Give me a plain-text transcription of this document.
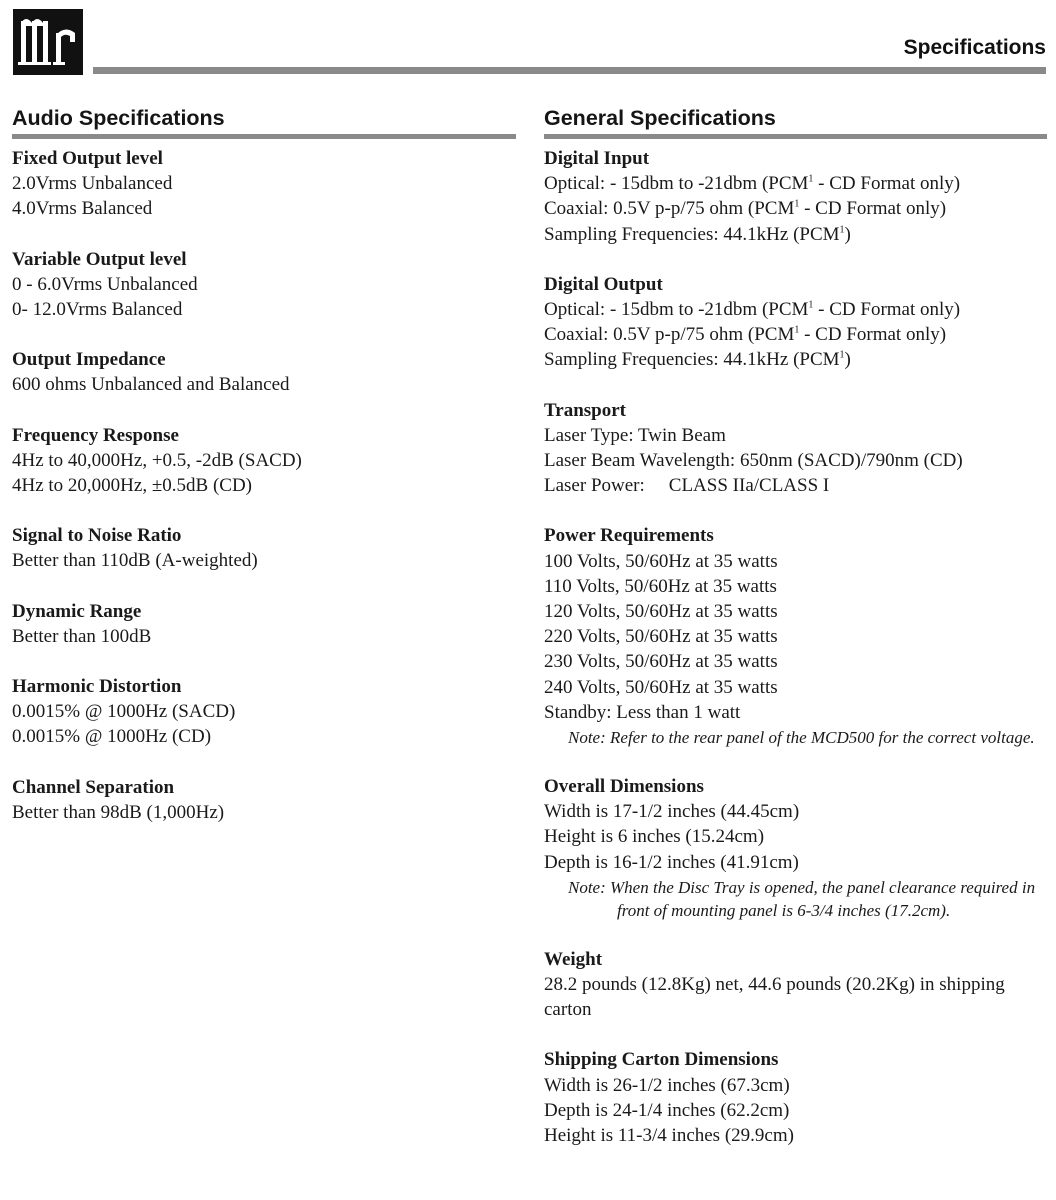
Specifications
Audio Specifications
Fixed Output level
2.0Vrms Unbalanced
4.0Vrms Balanced
Variable Output level
0 - 6.0Vrms Unbalanced
0- 12.0Vrms Balanced
Output Impedance
600 ohms Unbalanced and Balanced
Frequency Response
4Hz to 40,000Hz, +0.5, -2dB (SACD)
4Hz to 20,000Hz, ±0.5dB (CD)
Signal to Noise Ratio
Better than 110dB (A-weighted)
Dynamic Range
Better than 100dB
Harmonic Distortion
0.0015% @ 1000Hz (SACD)
0.0015% @ 1000Hz (CD)
Channel Separation
Better than 98dB (1,000Hz)
General Specifications
Digital Input
Optical: - 15dbm to -21dbm (PCM$^1$ - CD Format only)
Coaxial: 0.5V p-p/75 ohm (PCM$^1$ - CD Format only)
Sampling Frequencies: 44.1kHz (PCM$^1$)
Digital Output
Optical: - 15dbm to -21dbm (PCM$^1$ - CD Format only)
Coaxial: 0.5V p-p/75 ohm (PCM$^1$ - CD Format only)
Sampling Frequencies: 44.1kHz (PCM$^1$)
Transport
Laser Type: Twin Beam
Laser Beam Wavelength: 650nm (SACD)/790nm (CD)
Laser Power: CLASS IIa/CLASS I
Power Requirements
100 Volts, 50/60Hz at 35 watts
110 Volts, 50/60Hz at 35 watts
120 Volts, 50/60Hz at 35 watts
220 Volts, 50/60Hz at 35 watts
230 Volts, 50/60Hz at 35 watts
240 Volts, 50/60Hz at 35 watts
Standby: Less than 1 watt
Note: Refer to the rear panel of the MCD500 for the correct voltage.
Overall Dimensions
Width is 17-1/2 inches (44.45cm)
Height is 6 inches (15.24cm)
Depth is 16-1/2 inches (41.91cm)
Note: When the Disc Tray is opened, the panel clearance required in front of mounting panel is 6-3/4 inches (17.2cm).
Weight
28.2 pounds (12.8Kg) net, 44.6 pounds (20.2Kg) in shipping carton
Shipping Carton Dimensions
Width is 26-1/2 inches (67.3cm)
Depth is 24-1/4 inches (62.2cm)
Height is 11-3/4 inches (29.9cm)
